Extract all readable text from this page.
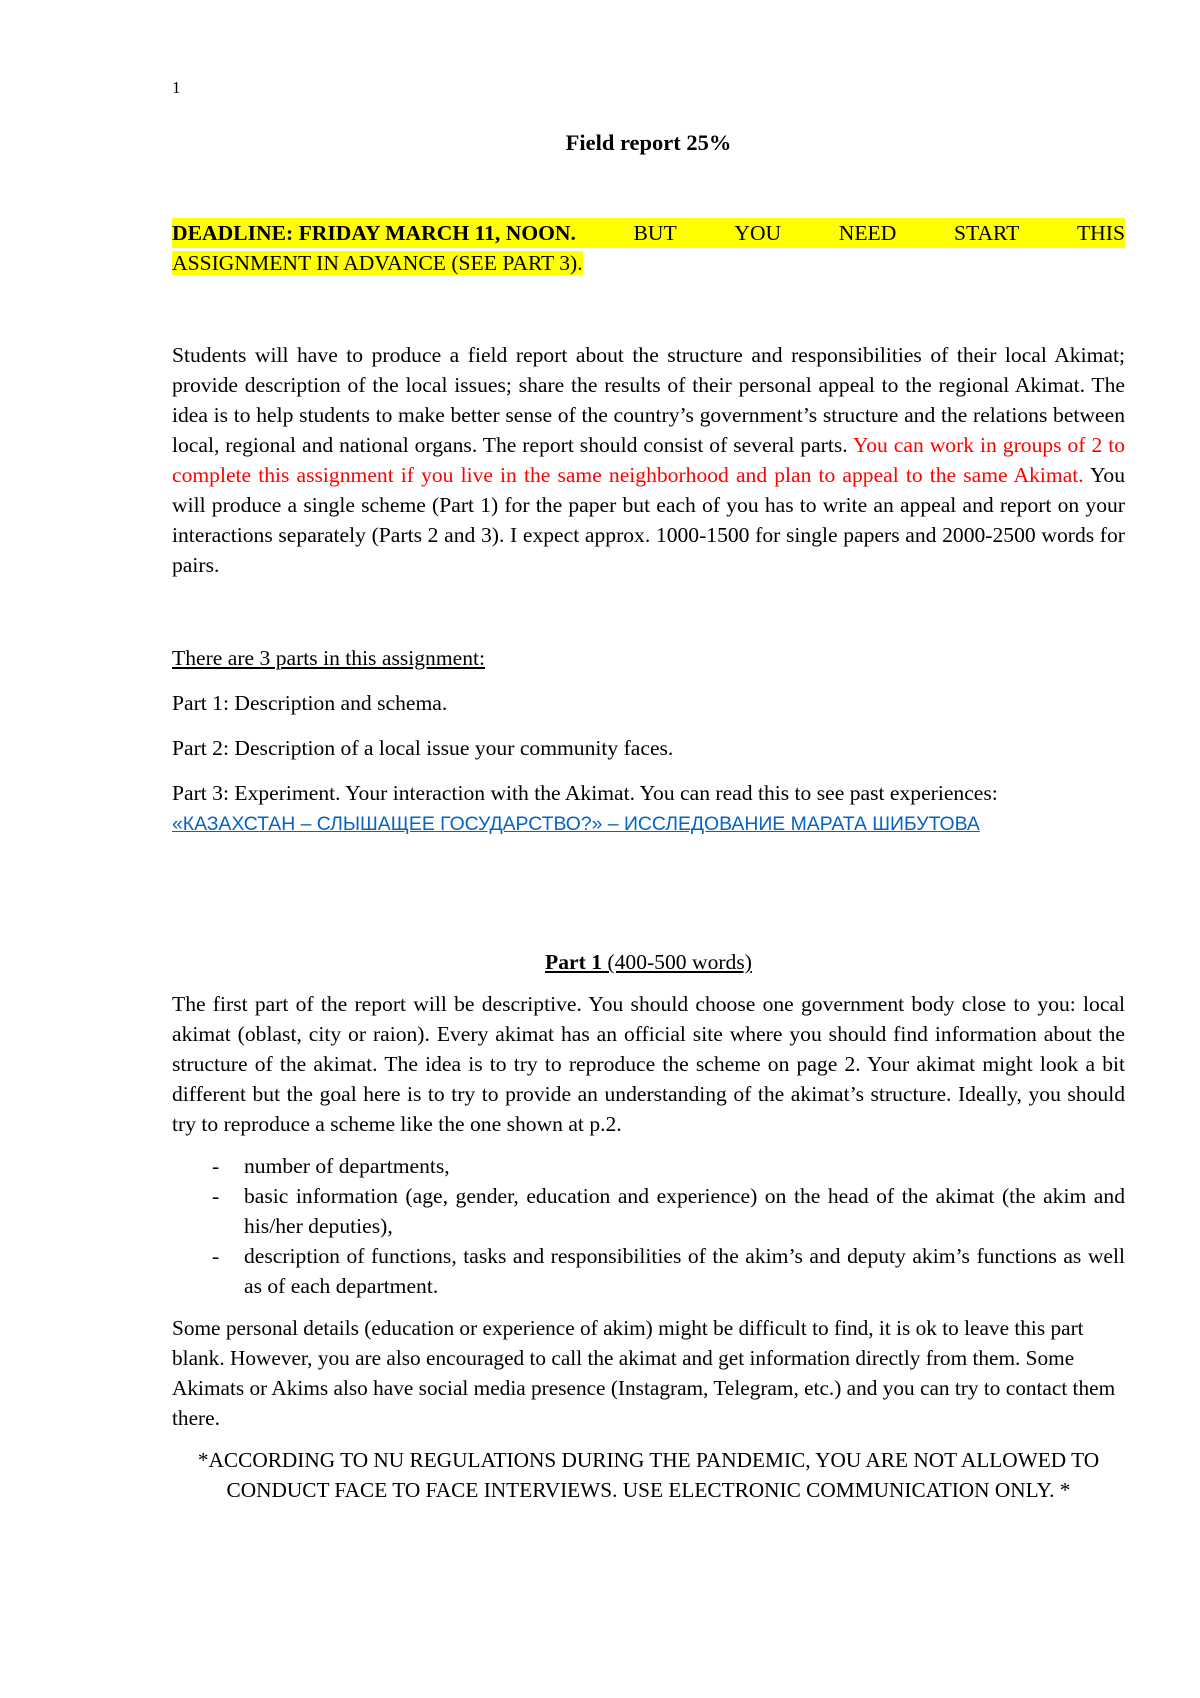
1
Field report 25%
DEADLINE: FRIDAY MARCH 11, NOON.	BUT	YOU	NEED	START	THIS
ASSIGNMENT IN ADVANCE (SEE PART 3).

Students will have to produce a field report about the structure and responsibilities of their local Akimat; provide description of the local issues; share the results of their personal appeal to the regional Akimat. The idea is to help students to make better sense of the country’s government’s structure and the relations between local, regional and national organs. The report should consist of several parts. You can work in groups of 2 to complete this assignment if you live in the same neighborhood and plan to appeal to the same Akimat. You will produce a single scheme (Part 1) for the paper but each of you has to write an appeal and report on your interactions separately (Parts 2 and 3). I expect approx. 1000-1500 for single papers and 2000-2500 words for pairs.

There are 3 parts in this assignment:

Part 1: Description and schema.

Part 2: Description of a local issue your community faces.

Part 3: Experiment. Your interaction with the Akimat. You can read this to see past experiences:
«КАЗАХСТАН – СЛЫШАЩЕЕ ГОСУДАРСТВО?» – ИССЛЕДОВАНИЕ МАРАТА ШИБУТОВА

Part 1 (400-500 words)

The first part of the report will be descriptive. You should choose one government body close to you: local akimat (oblast, city or raion). Every akimat has an official site where you should find information about the structure of the akimat. The idea is to try to reproduce the scheme on page 2. Your akimat might look a bit different but the goal here is to try to provide an understanding of the akimat’s structure. Ideally, you should try to reproduce a scheme like the one shown at p.2.

- number of departments,
- basic information (age, gender, education and experience) on the head of the akimat (the akim and his/her deputies),
- description of functions, tasks and responsibilities of the akim’s and deputy akim’s functions as well as of each department.

Some personal details (education or experience of akim) might be difficult to find, it is ok to leave this part blank. However, you are also encouraged to call the akimat and get information directly from them. Some Akimats or Akims also have social media presence (Instagram, Telegram, etc.) and you can try to contact them there.

*ACCORDING TO NU REGULATIONS DURING THE PANDEMIC, YOU ARE NOT ALLOWED TO CONDUCT FACE TO FACE INTERVIEWS. USE ELECTRONIC COMMUNICATION ONLY. *
